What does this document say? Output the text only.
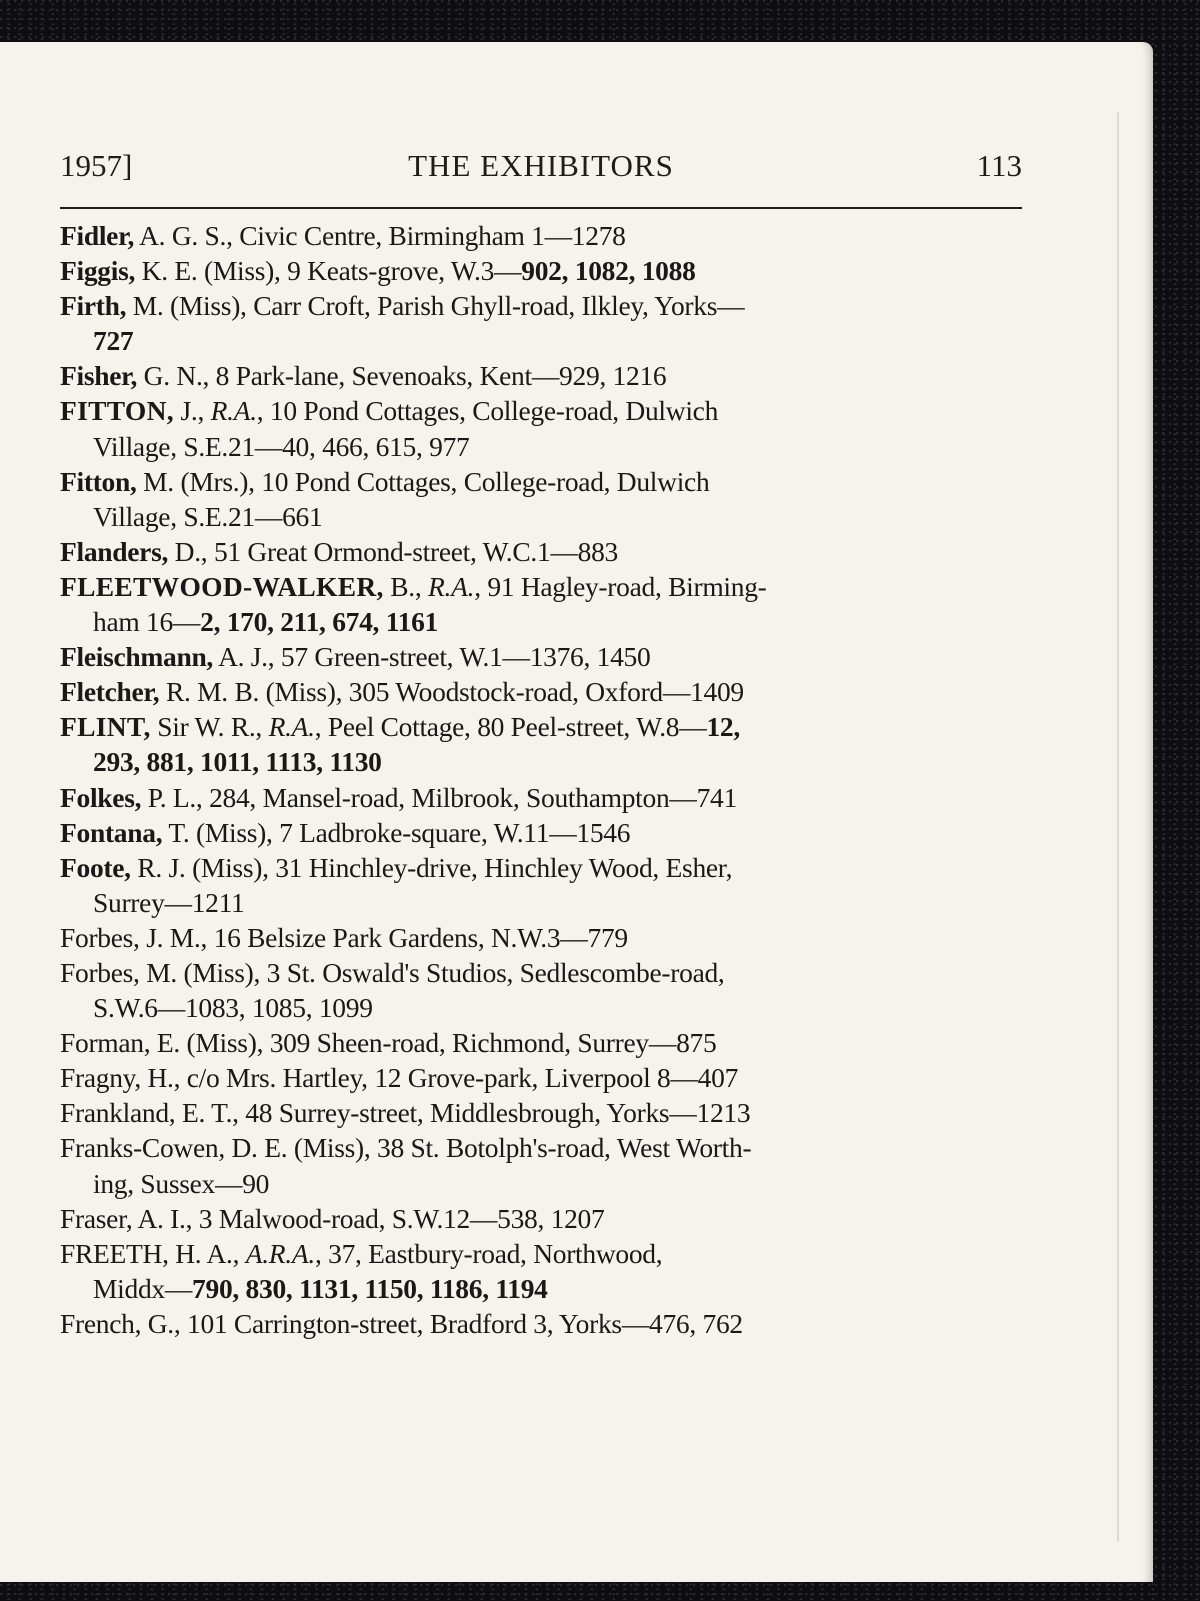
1957]	THE EXHIBITORS	113
Fidler, A. G. S., Civic Centre, Birmingham 1—1278
Figgis, K. E. (Miss), 9 Keats-grove, W.3—902, 1082, 1088
Firth, M. (Miss), Carr Croft, Parish Ghyll-road, Ilkley, Yorks—
727
Fisher, G. N., 8 Park-lane, Sevenoaks, Kent—929, 1216
FITTON, J., R.A., 10 Pond Cottages, College-road, Dulwich
Village, S.E.21—40, 466, 615, 977
Fitton, M. (Mrs.), 10 Pond Cottages, College-road, Dulwich
Village, S.E.21—661
Flanders, D., 51 Great Ormond-street, W.C.1—883
FLEETWOOD-WALKER, B., R.A., 91 Hagley-road, Birming-
ham 16—2, 170, 211, 674, 1161
Fleischmann, A. J., 57 Green-street, W.1—1376, 1450
Fletcher, R. M. B. (Miss), 305 Woodstock-road, Oxford—1409
FLINT, Sir W. R., R.A., Peel Cottage, 80 Peel-street, W.8—12,
293, 881, 1011, 1113, 1130
Folkes, P. L., 284, Mansel-road, Milbrook, Southampton—741
Fontana, T. (Miss), 7 Ladbroke-square, W.11—1546
Foote, R. J. (Miss), 31 Hinchley-drive, Hinchley Wood, Esher,
Surrey—1211
Forbes, J. M., 16 Belsize Park Gardens, N.W.3—779
Forbes, M. (Miss), 3 St. Oswald's Studios, Sedlescombe-road,
S.W.6—1083, 1085, 1099
Forman, E. (Miss), 309 Sheen-road, Richmond, Surrey—875
Fragny, H., c/o Mrs. Hartley, 12 Grove-park, Liverpool 8—407
Frankland, E. T., 48 Surrey-street, Middlesbrough, Yorks—1213
Franks-Cowen, D. E. (Miss), 38 St. Botolph's-road, West Worth-
ing, Sussex—90
Fraser, A. I., 3 Malwood-road, S.W.12—538, 1207
FREETH, H. A., A.R.A., 37, Eastbury-road, Northwood,
Middx—790, 830, 1131, 1150, 1186, 1194
French, G., 101 Carrington-street, Bradford 3, Yorks—476, 762
